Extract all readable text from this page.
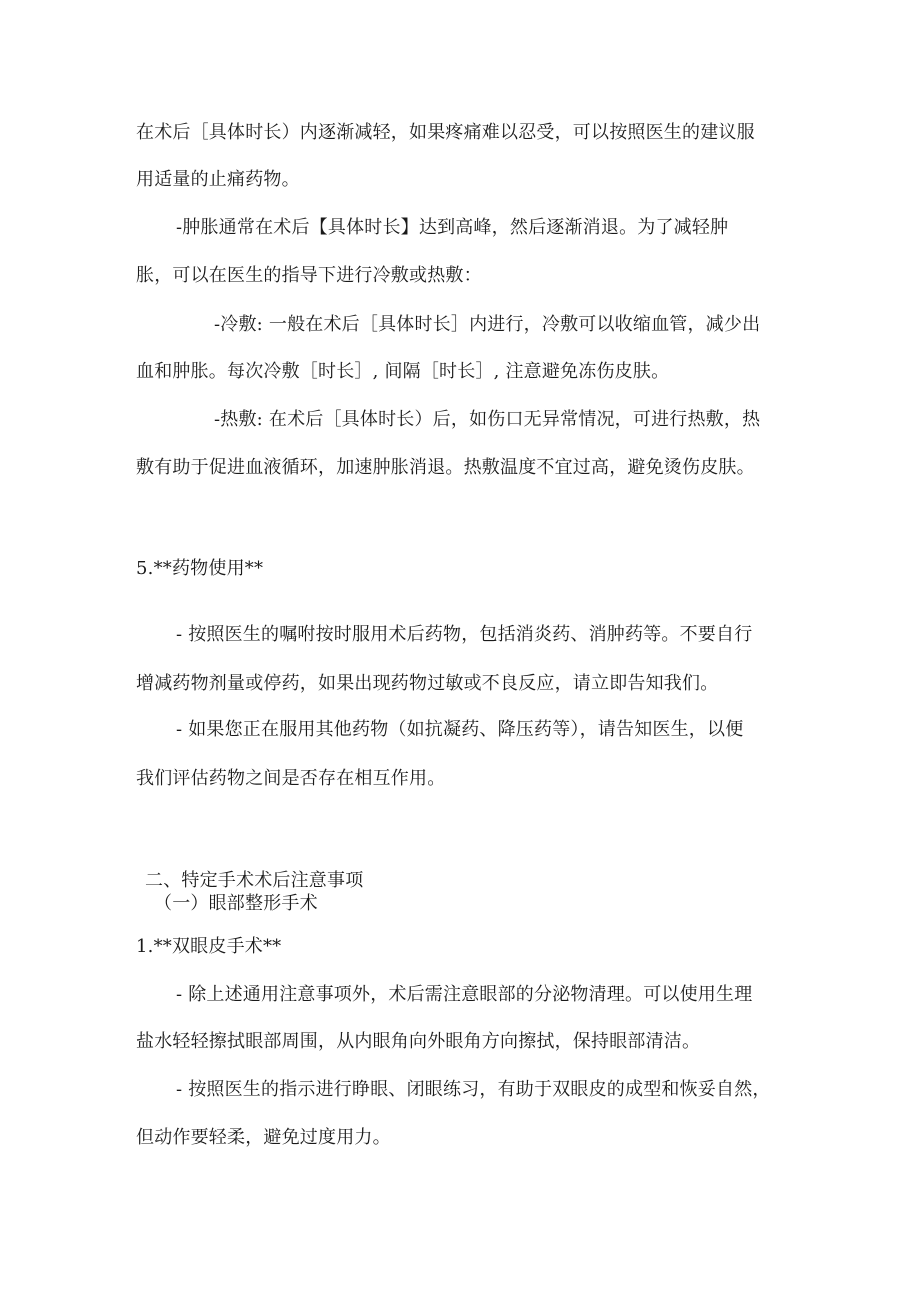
在术后［具体时长）内逐渐减轻，如果疼痛难以忍受，可以按照医生的建议服
用适量的止痛药物。
-肿胀通常在术后【具体时长】达到高峰，然后逐渐消退。为了减轻肿
胀，可以在医生的指导下进行冷敷或热敷：
-冷敷: 一般在术后［具体时长］内进行，冷敷可以收缩血管，减少出
血和肿胀。每次冷敷［时长］, 间隔［时长］, 注意避免冻伤皮肤。
-热敷: 在术后［具体时长）后，如伤口无异常情况，可进行热敷，热
敷有助于促进血液循环，加速肿胀消退。热敷温度不宜过高，避免烫伤皮肤。
5.**药物使用**
- 按照医生的嘱咐按时服用术后药物，包括消炎药、消肿药等。不要自行
增减药物剂量或停药，如果出现药物过敏或不良反应，请立即告知我们。
- 如果您正在服用其他药物（如抗凝药、降压药等），请告知医生，以便
我们评估药物之间是否存在相互作用。
二、特定手术术后注意事项
（一）眼部整形手术
1.**双眼皮手术**
- 除上述通用注意事项外，术后需注意眼部的分泌物清理。可以使用生理
盐水轻轻擦拭眼部周围，从内眼角向外眼角方向擦拭，保持眼部清洁。
- 按照医生的指示进行睁眼、闭眼练习，有助于双眼皮的成型和恢妥自然，
但动作要轻柔，避免过度用力。
